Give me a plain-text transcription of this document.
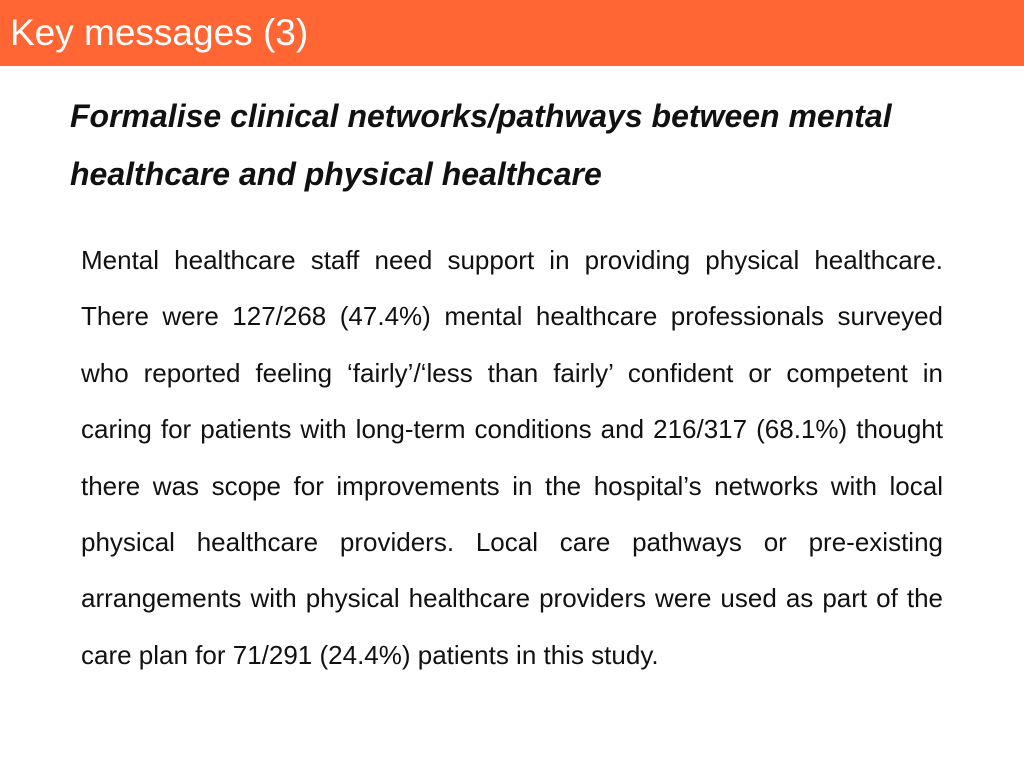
Key messages (3)
Formalise clinical networks/pathways between mental healthcare and physical healthcare
Mental healthcare staff need support in providing physical healthcare. There were 127/268 (47.4%) mental healthcare professionals surveyed who reported feeling ‘fairly’/‘less than fairly’ confident or competent in caring for patients with long-term conditions and 216/317 (68.1%) thought there was scope for improvements in the hospital’s networks with local physical healthcare providers. Local care pathways or pre-existing arrangements with physical healthcare providers were used as part of the care plan for 71/291 (24.4%) patients in this study.
